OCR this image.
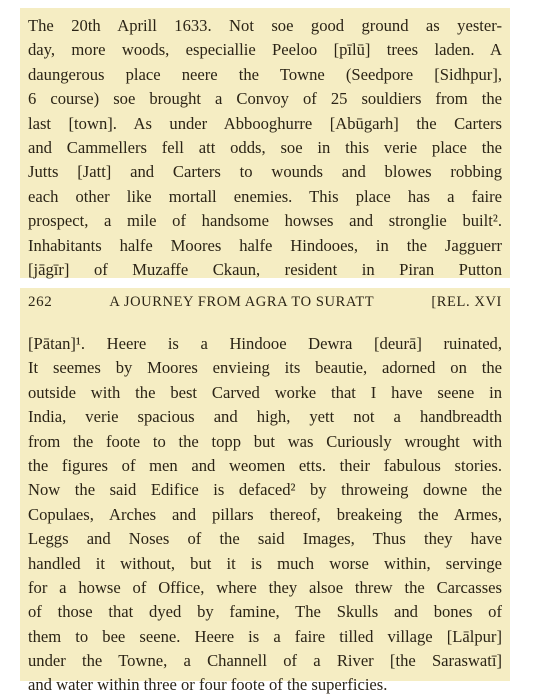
The 20th Aprill 1633. Not soe good ground as yester-
day, more woods, especiallie Peeloo [pīlū] trees laden. A
daungerous place neere the Towne (Seedpore [Sidhpur],
6 course) soe brought a Convoy of 25 souldiers from the
last [town]. As under Abbooghurre [Abūgarh] the Carters
and Cammellers fell att odds, soe in this verie place the
Jutts [Jatt] and Carters to wounds and blowes robbing
each other like mortall enemies. This place has a faire
prospect, a mile of handsome howses and stronglie built².
Inhabitants halfe Moores halfe Hindooes, in the Jagguerr
[jāgīr] of Muzaffe Ckaun, resident in Piran Putton
262	A JOURNEY FROM AGRA TO SURATT	[REL. XVI
[Pātan]¹. Heere is a Hindooe Dewra [deurā] ruinated,
It seemes by Moores envieing its beautie, adorned on the
outside with the best Carved worke that I have seene in
India, verie spacious and high, yett not a handbreadth
from the foote to the topp but was Curiously wrought with
the figures of men and weomen etts. their fabulous stories.
Now the said Edifice is defaced² by throweing downe the
Copulaes, Arches and pillars thereof, breakeing the Armes,
Leggs and Noses of the said Images, Thus they have
handled it without, but it is much worse within, servinge
for a howse of Office, where they alsoe threw the Carcasses
of those that dyed by famine, The Skulls and bones of
them to bee seene. Heere is a faire tilled village [Lālpur]
under the Towne, a Channell of a River [the Saraswatī]
and water within three or four foote of the superficies.
